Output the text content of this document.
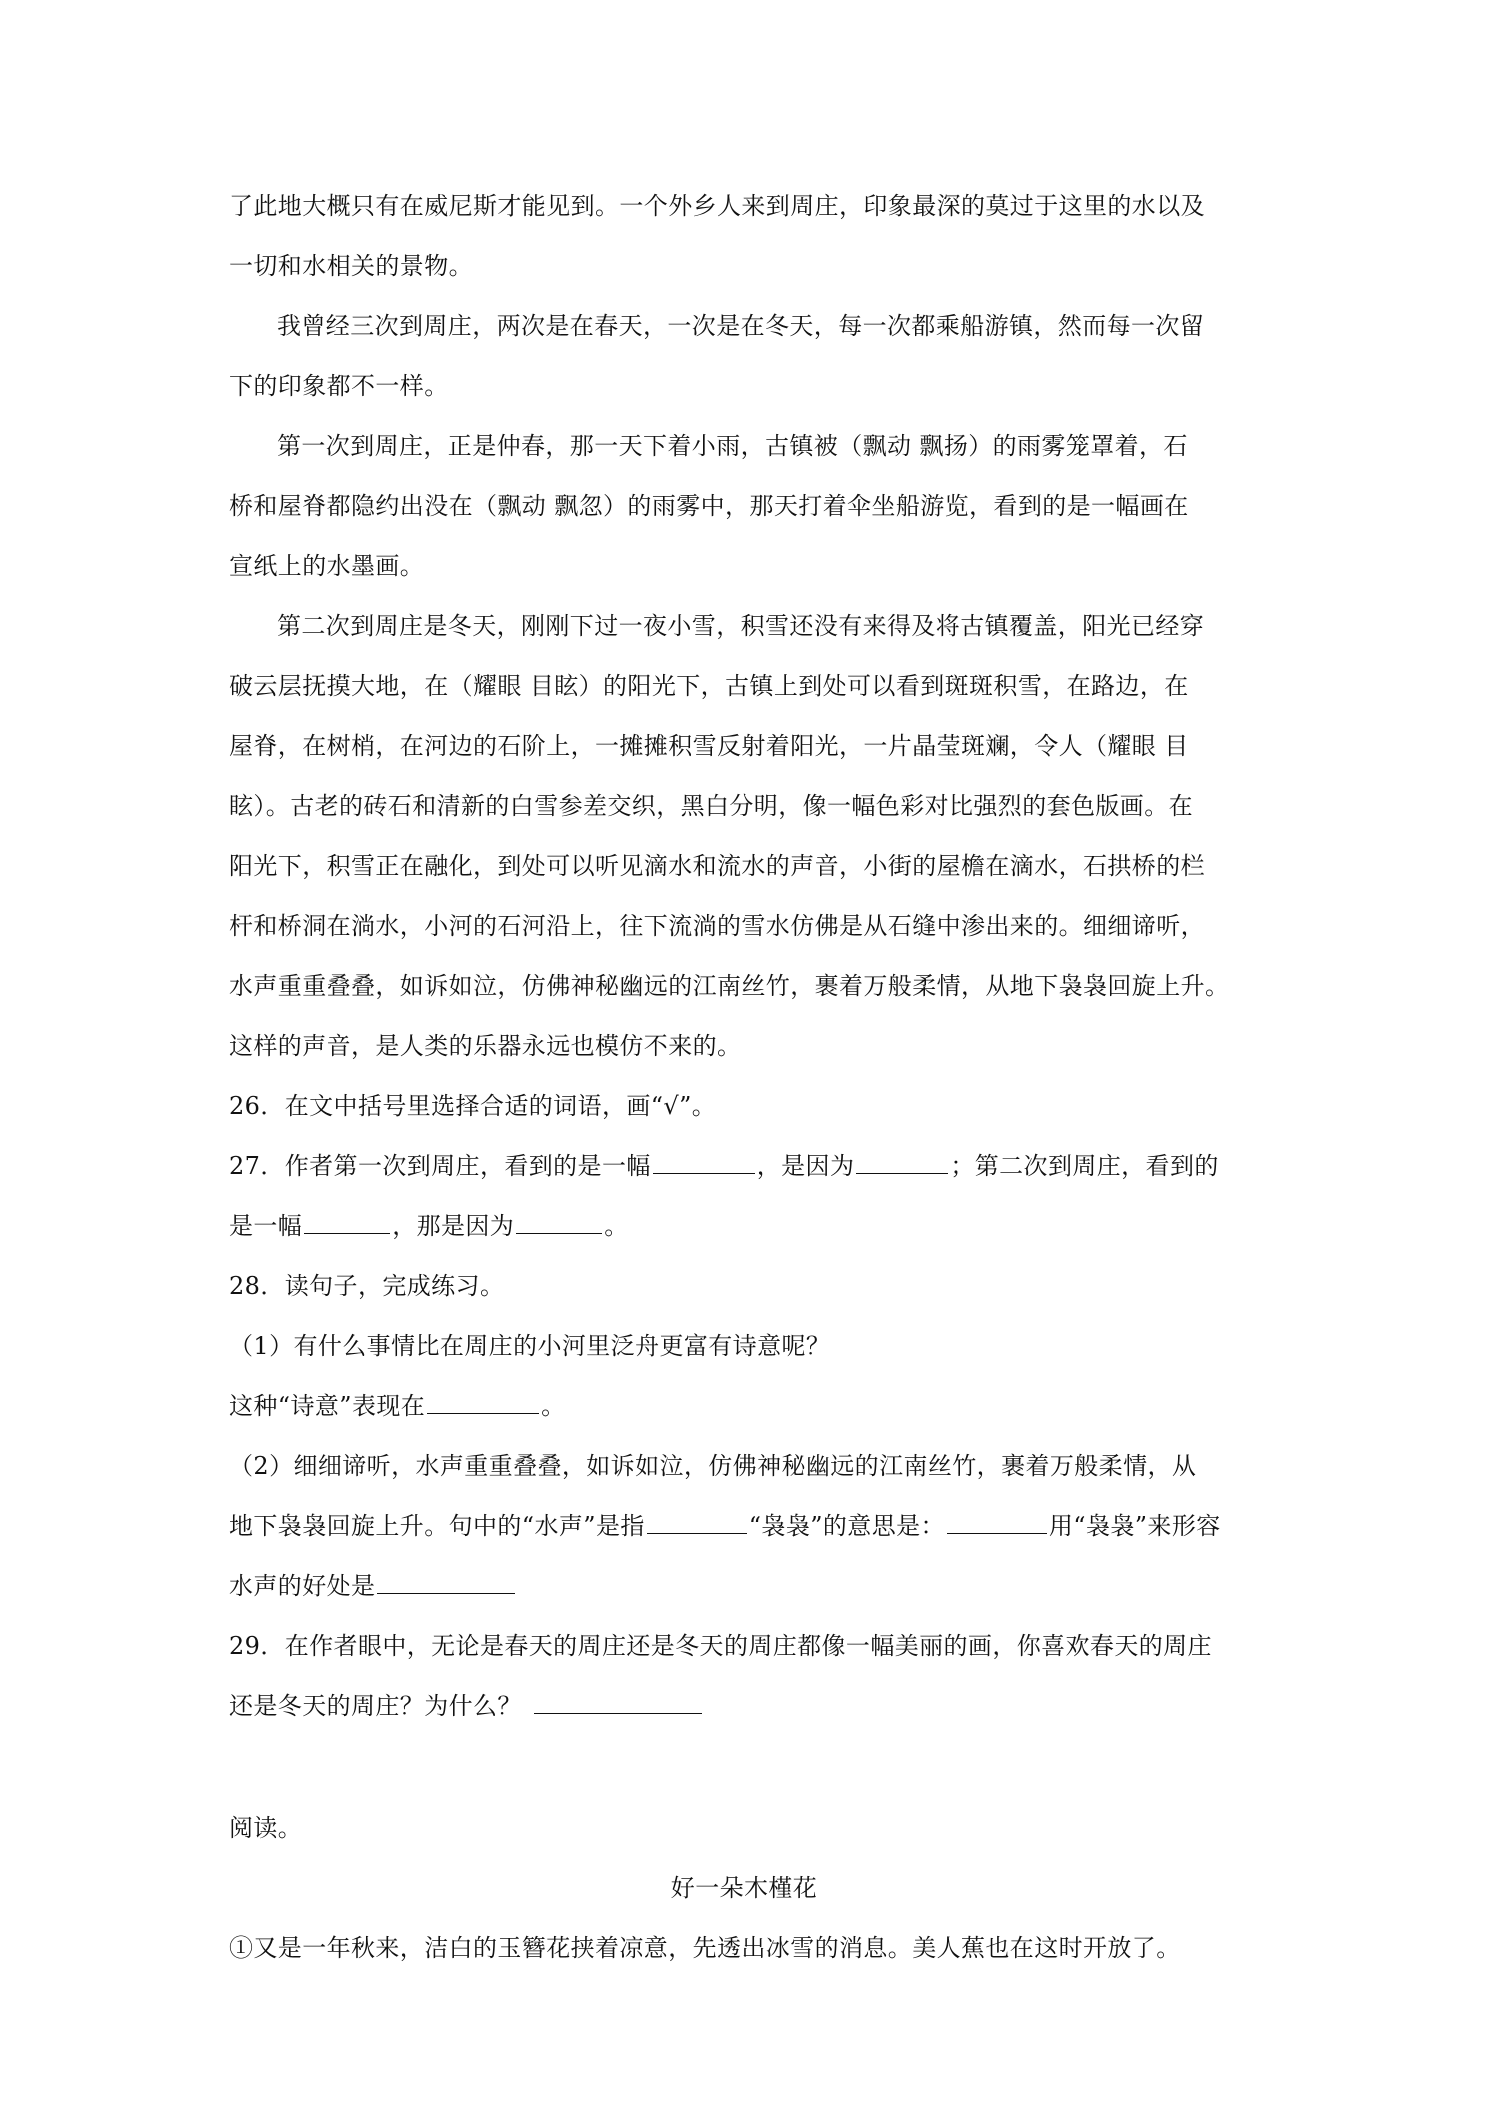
了此地大概只有在威尼斯才能见到。一个外乡人来到周庄，印象最深的莫过于这里的水以及

一切和水相关的景物。

我曾经三次到周庄，两次是在春天，一次是在冬天，每一次都乘船游镇，然而每一次留

下的印象都不一样。

第一次到周庄，正是仲春，那一天下着小雨，古镇被（飘动 飘扬）的雨雾笼罩着，石

桥和屋脊都隐约出没在（飘动 飘忽）的雨雾中，那天打着伞坐船游览，看到的是一幅画在

宣纸上的水墨画。

第二次到周庄是冬天，刚刚下过一夜小雪，积雪还没有来得及将古镇覆盖，阳光已经穿

破云层抚摸大地，在（耀眼 目眩）的阳光下，古镇上到处可以看到斑斑积雪，在路边，在

屋脊，在树梢，在河边的石阶上，一摊摊积雪反射着阳光，一片晶莹斑斓，令人（耀眼 目

眩）。古老的砖石和清新的白雪参差交织，黑白分明，像一幅色彩对比强烈的套色版画。在

阳光下，积雪正在融化，到处可以听见滴水和流水的声音，小街的屋檐在滴水，石拱桥的栏

杆和桥洞在淌水，小河的石河沿上，往下流淌的雪水仿佛是从石缝中渗出来的。细细谛听，

水声重重叠叠，如诉如泣，仿佛神秘幽远的江南丝竹，裹着万般柔情，从地下袅袅回旋上升。

这样的声音，是人类的乐器永远也模仿不来的。

26．在文中括号里选择合适的词语，画“√”。

27．作者第一次到周庄，看到的是一幅	，是因为	；第二次到周庄，看到的

是一幅	，那是因为	。

28．读句子，完成练习。

（1）有什么事情比在周庄的小河里泛舟更富有诗意呢？

这种“诗意”表现在	。

（2）细细谛听，水声重重叠叠，如诉如泣，仿佛神秘幽远的江南丝竹，裹着万般柔情，从

地下袅袅回旋上升。句中的“水声”是指	“袅袅”的意思是：	用“袅袅”来形容

水声的好处是

29．在作者眼中，无论是春天的周庄还是冬天的周庄都像一幅美丽的画，你喜欢春天的周庄

还是冬天的周庄？为什么？

阅读。

好一朵木槿花

①又是一年秋来，洁白的玉簪花挟着凉意，先透出冰雪的消息。美人蕉也在这时开放了。
